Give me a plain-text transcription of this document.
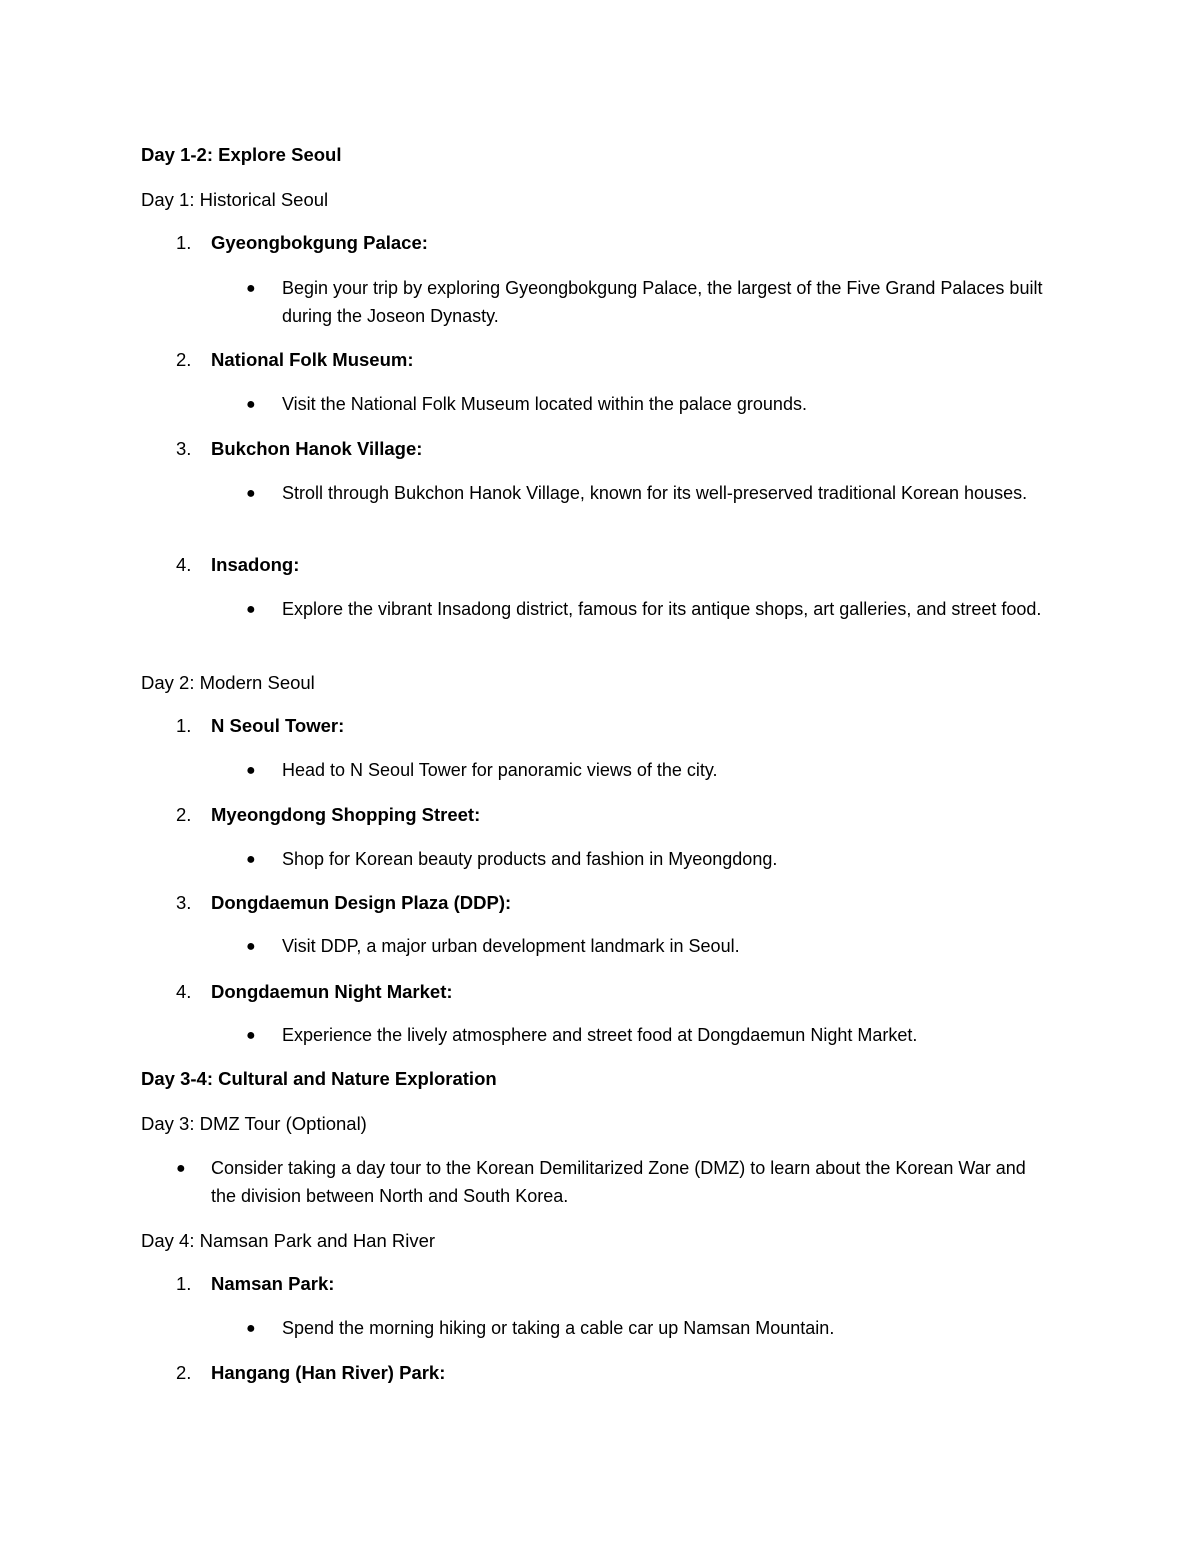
Day 1-2: Explore Seoul
Day 1: Historical Seoul
1. Gyeongbokgung Palace:
● Begin your trip by exploring Gyeongbokgung Palace, the largest of the Five Grand Palaces built during the Joseon Dynasty.
2. National Folk Museum:
● Visit the National Folk Museum located within the palace grounds.
3. Bukchon Hanok Village:
● Stroll through Bukchon Hanok Village, known for its well-preserved traditional Korean houses.
4. Insadong:
● Explore the vibrant Insadong district, famous for its antique shops, art galleries, and street food.
Day 2: Modern Seoul
1. N Seoul Tower:
● Head to N Seoul Tower for panoramic views of the city.
2. Myeongdong Shopping Street:
● Shop for Korean beauty products and fashion in Myeongdong.
3. Dongdaemun Design Plaza (DDP):
● Visit DDP, a major urban development landmark in Seoul.
4. Dongdaemun Night Market:
● Experience the lively atmosphere and street food at Dongdaemun Night Market.
Day 3-4: Cultural and Nature Exploration
Day 3: DMZ Tour (Optional)
● Consider taking a day tour to the Korean Demilitarized Zone (DMZ) to learn about the Korean War and the division between North and South Korea.
Day 4: Namsan Park and Han River
1. Namsan Park:
● Spend the morning hiking or taking a cable car up Namsan Mountain.
2. Hangang (Han River) Park:
